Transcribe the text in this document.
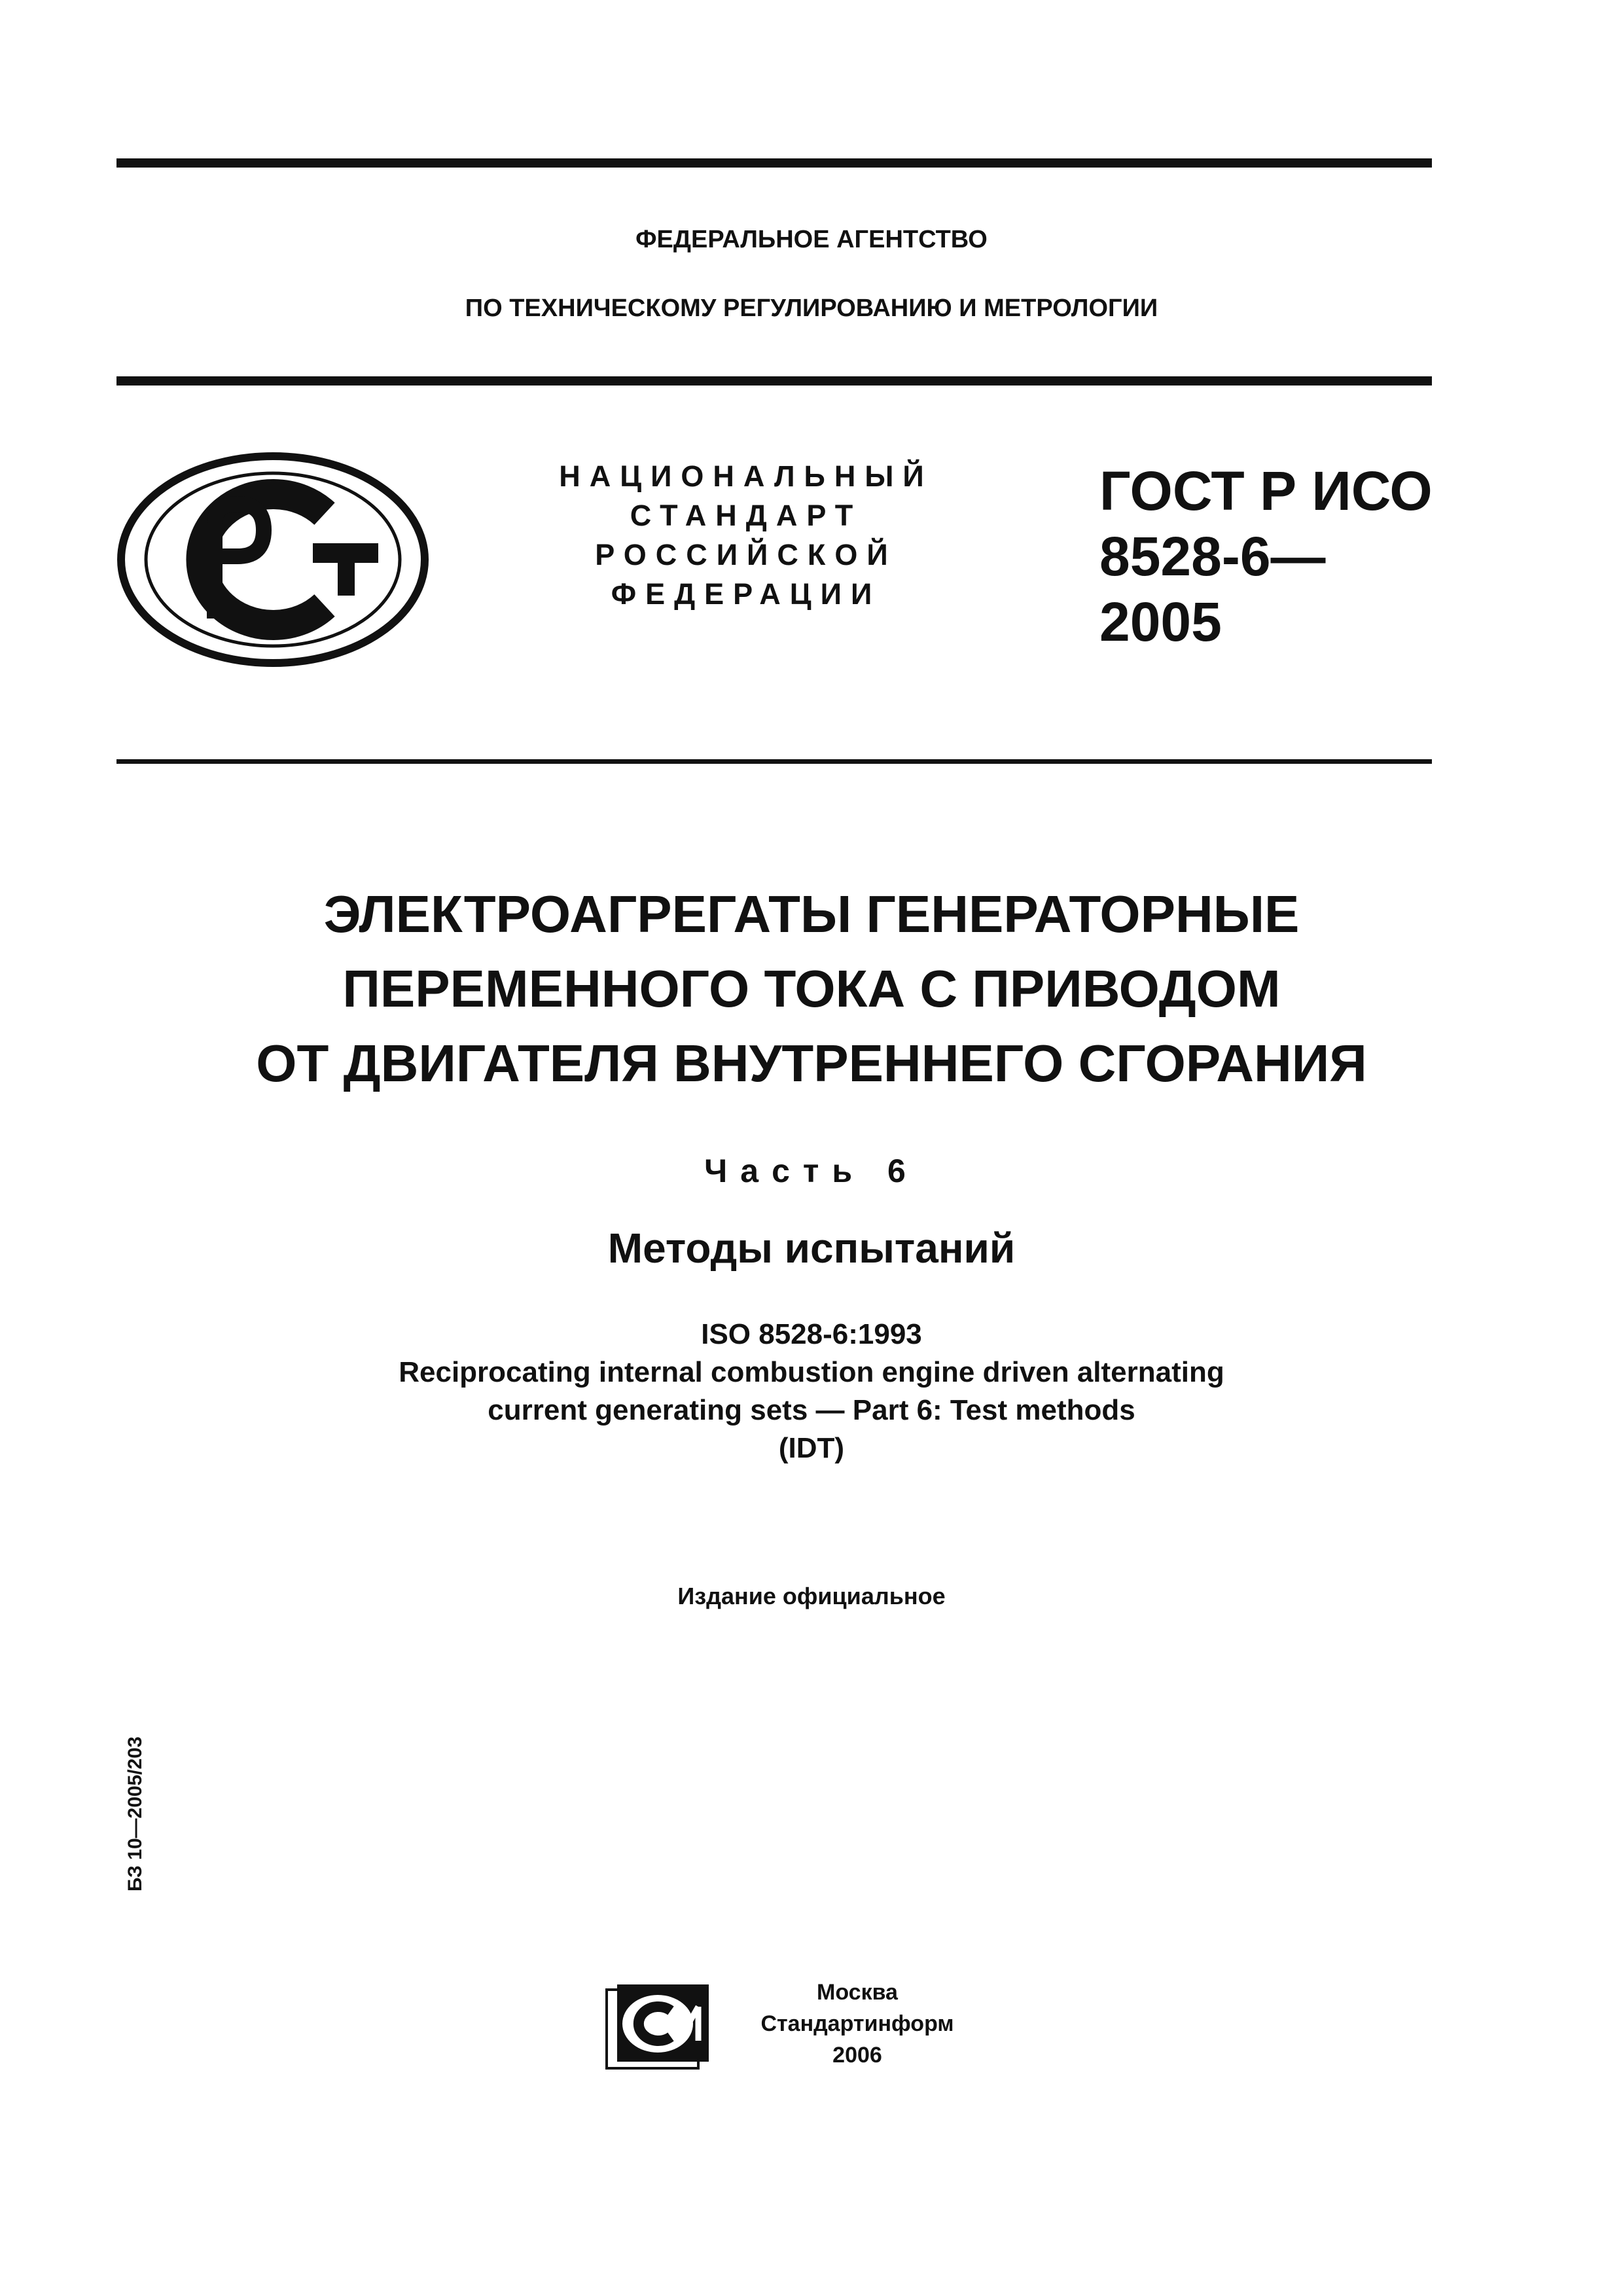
ФЕДЕРАЛЬНОЕ АГЕНТСТВО
ПО ТЕХНИЧЕСКОМУ РЕГУЛИРОВАНИЮ И МЕТРОЛОГИИ
РСТ
НАЦИОНАЛЬНЫЙ
СТАНДАРТ
РОССИЙСКОЙ
ФЕДЕРАЦИИ
ГОСТ Р ИСО
8528-6—
2005
ЭЛЕКТРОАГРЕГАТЫ ГЕНЕРАТОРНЫЕ
ПЕРЕМЕННОГО ТОКА С ПРИВОДОМ
ОТ ДВИГАТЕЛЯ ВНУТРЕННЕГО СГОРАНИЯ
Часть 6
Методы испытаний
ISO 8528-6:1993
Reciprocating internal combustion engine driven alternating
current generating sets — Part 6: Test methods
(IDT)
Издание официальное
БЗ 10—2005/203
СИ	Москва
Стандартинформ
2006
